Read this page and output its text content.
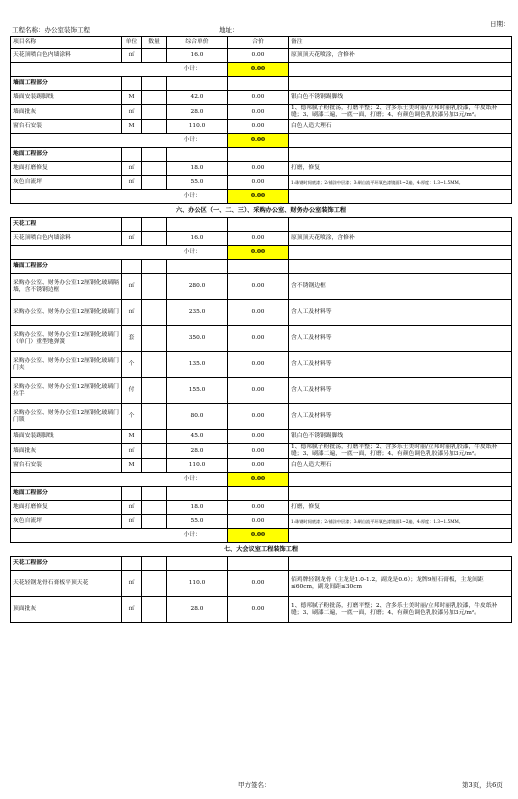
工程名称：办公室装饰工程	地址：
日期：
项目名称	单位	数量	综合单价	合价	备注
天花顶喷白色内墙涂料	㎡		16.0	0.00	原顶顶天花喷涂，含修补
小计：				0.00	
墙面工程部分					
墙面安装踢脚线	M		42.0	0.00	银白色不锈钢踢脚线
墙面批灰	㎡		28.0	0.00	1、德邦腻子粉批荡，打磨平整；2、含多乐士美时丽/立邦时丽乳胶漆，牛皮纸补缝；3、刷漆二遍，一底一面，打磨；4、有颜色调色乳胶漆另加3元/m²。
窗台石安装	M		110.0	0.00	白色人造大理石
小计：				0.00	
地面工程部分					
地面打磨修复	㎡		18.0	0.00	打磨，修复
灰色自流坪	㎡		55.0	0.00	1:珠钢时间底漆；2:铺涂中层漆；3:刷自流平环氧色漆镜面1~2遍，4:厚度：1.3~1.5MM。
小计：				0.00	
六、办公区（一、二、三）、采购办公室、财务办公室装饰工程					
天花工程					
天花顶喷白色内墙涂料	㎡		16.0	0.00	原顶顶天花喷涂，含修补
小计：				0.00	
墙面工程部分					
采购办公室、财务办公室12厘钢化玻璃隔墙，含不锈钢边框	㎡		280.0	0.00	含不锈钢边框
采购办公室、财务办公室12厘钢化玻璃门	㎡		235.0	0.00	含人工及材料等
采购办公室、财务办公室12厘钢化玻璃门（单门）重型地弹簧	套		350.0	0.00	含人工及材料等
采购办公室、财务办公室12厘钢化玻璃门门夹	个		135.0	0.00	含人工及材料等
采购办公室、财务办公室12厘钢化玻璃门拉手	付		155.0	0.00	含人工及材料等
采购办公室、财务办公室12厘钢化玻璃门门锁	个		80.0	0.00	含人工及材料等
墙面安装踢脚线	M		45.0	0.00	银白色不锈钢踢脚线
墙面批灰	㎡		28.0	0.00	1、德邦腻子粉批荡，打磨平整；2、含多乐士美时丽/立邦时丽乳胶漆，牛皮纸补缝；3、刷漆二遍，一底一面，打磨；4、有颜色调色乳胶漆另加3元/m²。
窗台石安装	M		110.0	0.00	白色人造大理石
小计：				0.00	
地面工程部分					
地面打磨修复	㎡		18.0	0.00	打磨，修复
灰色自流坪	㎡		55.0	0.00	1:珠钢时间底漆；2:铺涂中层漆；3:刷自流平环氧色漆镜面1~2遍，4:厚度：1.3~1.5MM。
小计：				0.00	
七、大会议室工程装饰工程					
天花工程部分					
天花轻钢龙骨石膏板平顶天花	㎡		110.0	0.00	佰鸡牌轻钢龙骨（主龙是1.0-1.2，副龙是0.6）；龙牌9厘石膏板，主龙间距≤60cm，副龙间距≤30cm
顶面批灰	㎡		28.0	0.00	1、德邦腻子粉批荡，打磨平整；2、含多乐士美时丽/立邦时丽乳胶漆，牛皮纸补缝；3、刷漆二遍，一底一面，打磨；4、有颜色调色乳胶漆另加3元/m²。
甲方签名：	第3页，共6页
